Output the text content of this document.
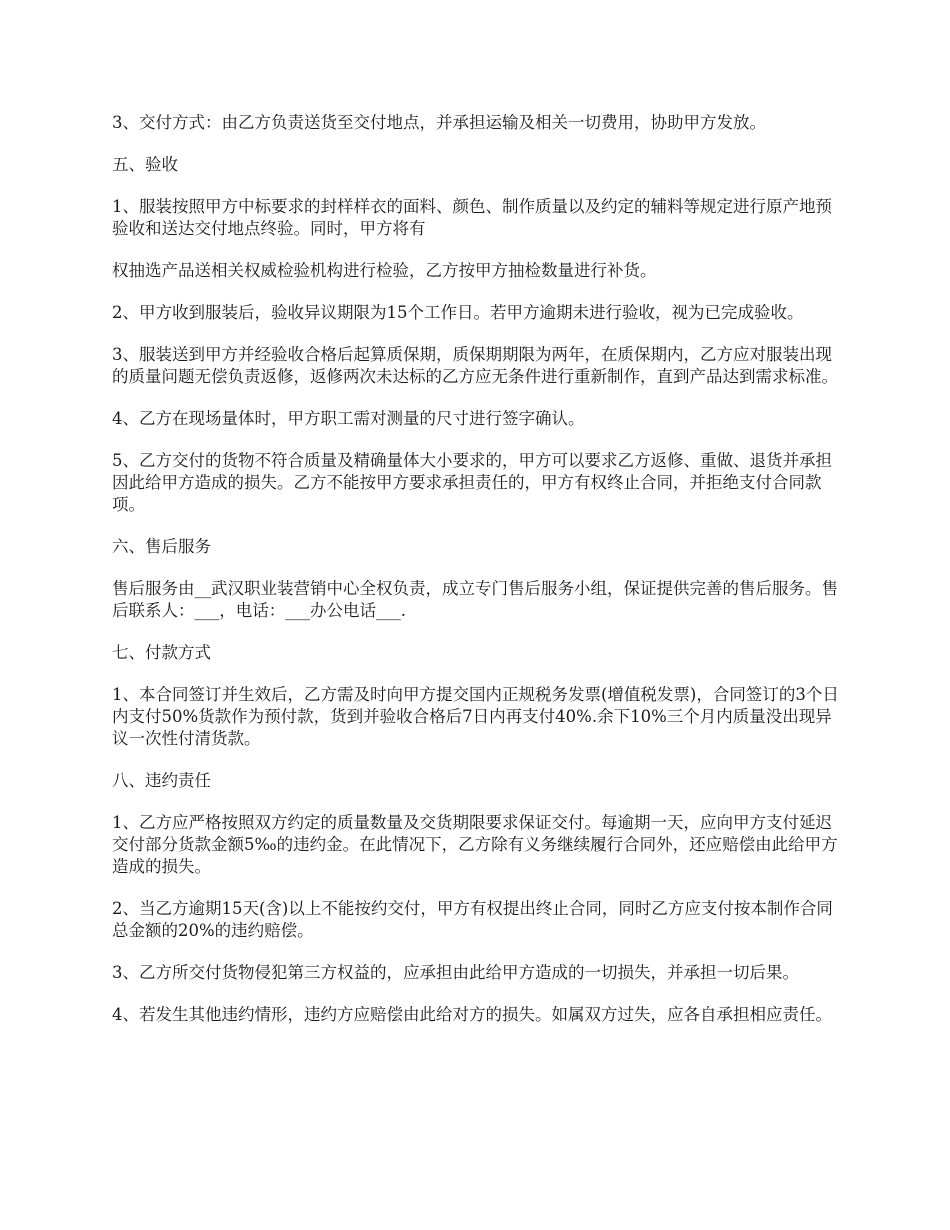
3、交付方式：由乙方负责送货至交付地点，并承担运输及相关一切费用，协助甲方发放。

五、验收

1、服装按照甲方中标要求的封样样衣的面料、颜色、制作质量以及约定的辅料等规定进行原产地预验收和送达交付地点终验。同时，甲方将有

权抽选产品送相关权威检验机构进行检验，乙方按甲方抽检数量进行补货。

2、甲方收到服装后，验收异议期限为15个工作日。若甲方逾期未进行验收，视为已完成验收。

3、服装送到甲方并经验收合格后起算质保期，质保期期限为两年，在质保期内，乙方应对服装出现的质量问题无偿负责返修，返修两次未达标的乙方应无条件进行重新制作，直到产品达到需求标准。

4、乙方在现场量体时，甲方职工需对测量的尺寸进行签字确认。

5、乙方交付的货物不符合质量及精确量体大小要求的，甲方可以要求乙方返修、重做、退货并承担因此给甲方造成的损失。乙方不能按甲方要求承担责任的，甲方有权终止合同，并拒绝支付合同款项。

六、售后服务

售后服务由__武汉职业装营销中心全权负责，成立专门售后服务小组，保证提供完善的售后服务。售后联系人：___，电话：___办公电话___.

七、付款方式

1、本合同签订并生效后，乙方需及时向甲方提交国内正规税务发票(增值税发票)，合同签订的3个日内支付50%货款作为预付款，货到并验收合格后7日内再支付40%.余下10%三个月内质量没出现异议一次性付清货款。

八、违约责任

1、乙方应严格按照双方约定的质量数量及交货期限要求保证交付。每逾期一天，应向甲方支付延迟交付部分货款金额5‰的违约金。在此情况下，乙方除有义务继续履行合同外，还应赔偿由此给甲方造成的损失。

2、当乙方逾期15天(含)以上不能按约交付，甲方有权提出终止合同，同时乙方应支付按本制作合同总金额的20%的违约赔偿。

3、乙方所交付货物侵犯第三方权益的，应承担由此给甲方造成的一切损失，并承担一切后果。

4、若发生其他违约情形，违约方应赔偿由此给对方的损失。如属双方过失，应各自承担相应责任。
